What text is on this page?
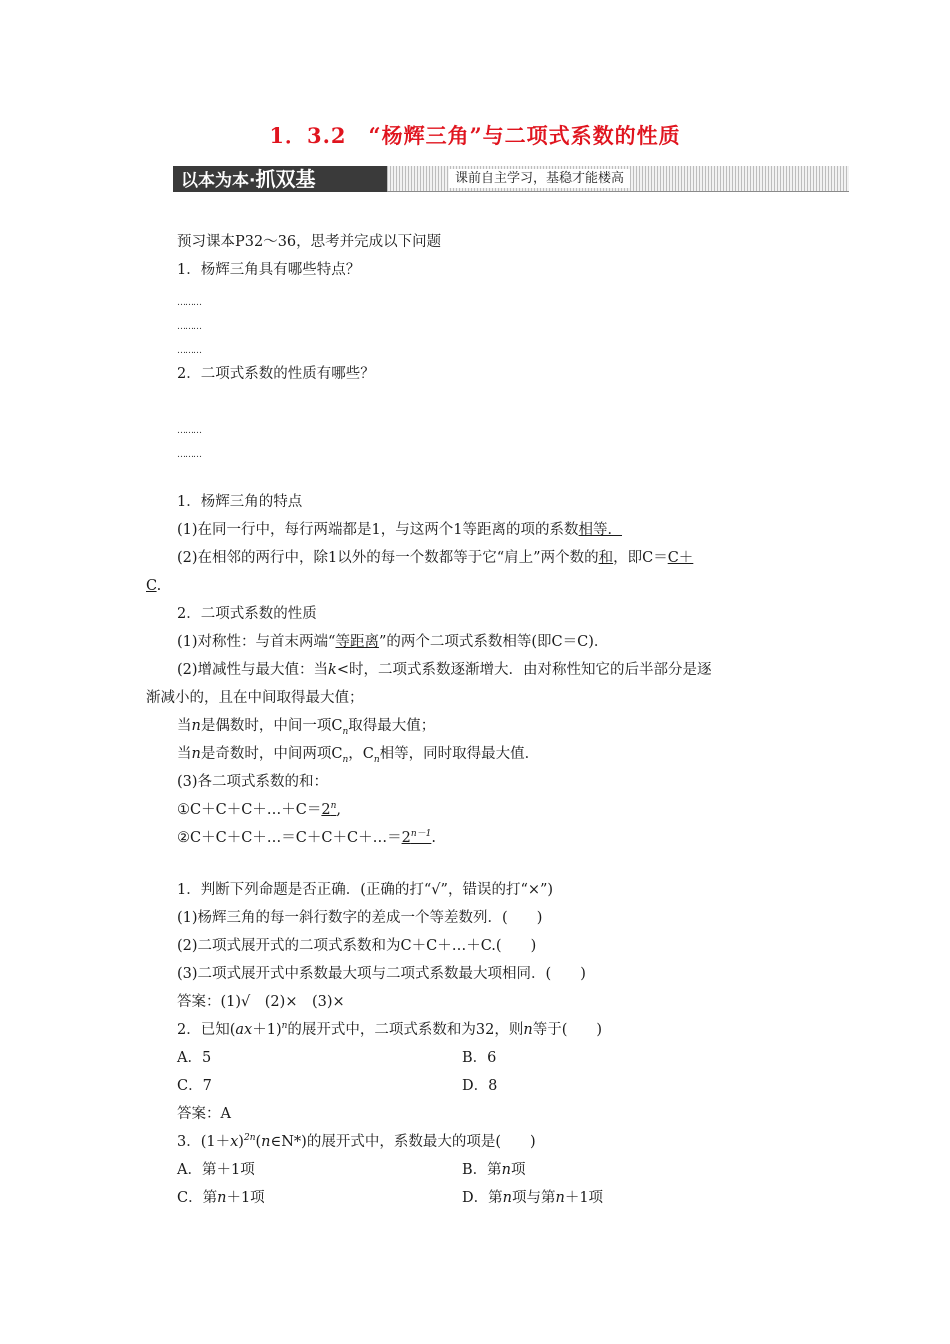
1．3.2　“杨辉三角”与二项式系数的性质
以本为本·抓双基	课前自主学习，基稳才能楼高
预习课本P32～36，思考并完成以下问题
1．杨辉三角具有哪些特点？
………
………
………
2．二项式系数的性质有哪些？
………
………
1．杨辉三角的特点
(1)在同一行中，每行两端都是1，与这两个1等距离的项的系数相等．
(2)在相邻的两行中，除1以外的每一个数都等于它“肩上”两个数的和，即C＝C＋
C.
2．二项式系数的性质
(1)对称性：与首末两端“等距离”的两个二项式系数相等(即C＝C)．
(2)增减性与最大值：当k<时，二项式系数逐渐增大．由对称性知它的后半部分是逐
渐减小的，且在中间取得最大值；
当n是偶数时，中间一项$C_n$取得最大值；
当n是奇数时，中间两项$C_n$，$C_n$相等，同时取得最大值．
(3)各二项式系数的和：
$①C+C+C+\dots+C=2^n$,
$②C+C+C+\dots=C+C+C+\dots=2^{n-1}$.
1．判断下列命题是否正确．(正确的打“√”，错误的打“×”)
(1)杨辉三角的每一斜行数字的差成一个等差数列．(　　)
(2)二项式展开式的二项式系数和为C＋C＋…＋C.(　　)
(3)二项式展开式中系数最大项与二项式系数最大项相同．(　　)
答案：(1)√　(2)×　(3)×
2．已知$(ax+1)^n$的展开式中，二项式系数和为32，则n等于(　　)
A．5	B．6
C．7	D．8
答案：A
3．$(1+x)^{2n}(n\in N*)$的展开式中，系数最大的项是(　　)
A．第＋1项	B．第n项
C．第n＋1项	D．第n项与第n＋1项
